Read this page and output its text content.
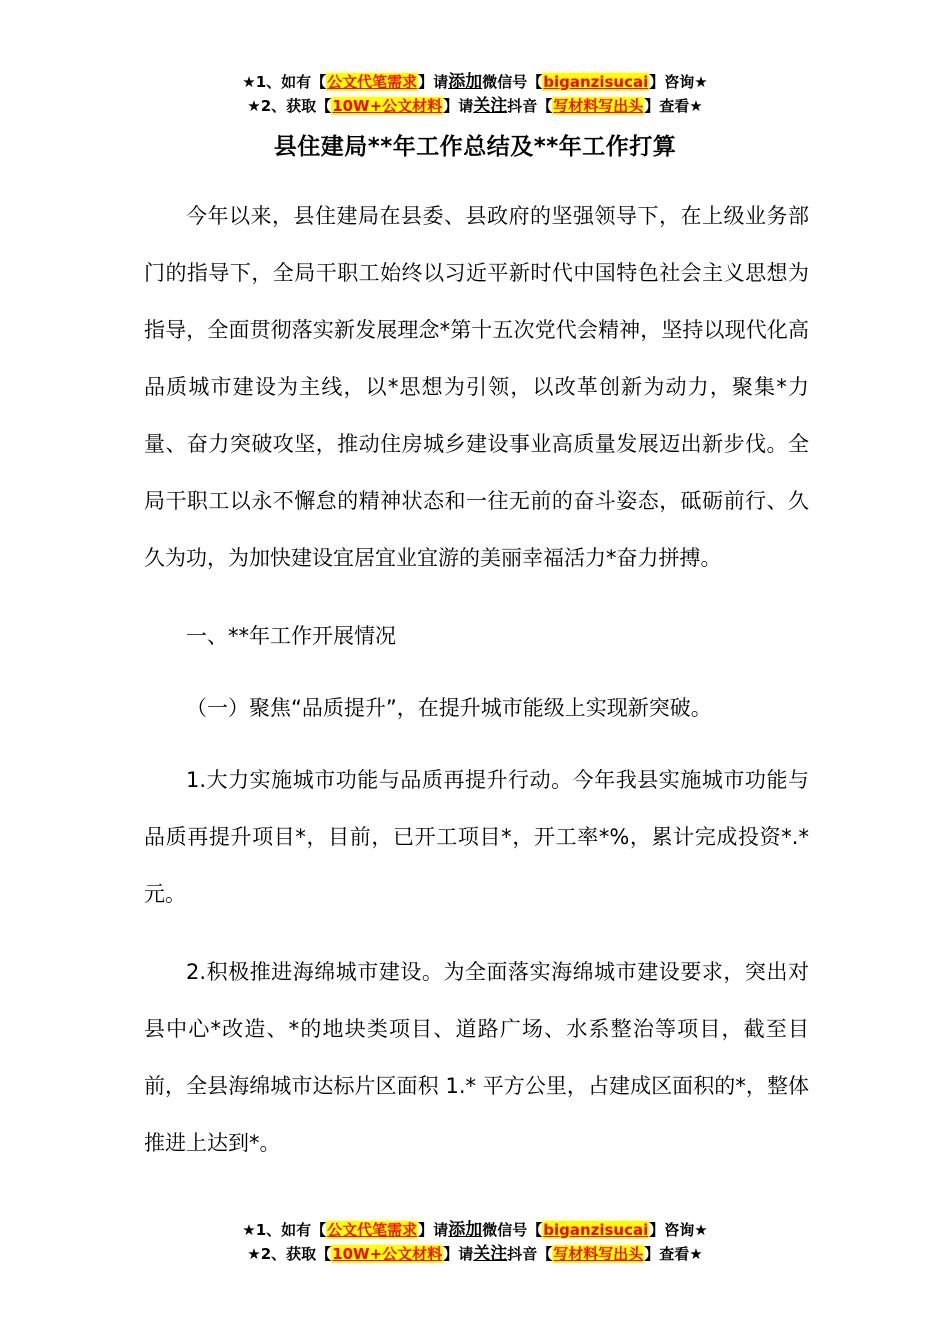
★1、如有【公文代笔需求】请添加微信号【biganzisucai】咨询★
★2、获取【10W+公文材料】请关注抖音【写材料写出头】查看★
县住建局**年工作总结及**年工作打算

今年以来，县住建局在县委、县政府的坚强领导下，在上级业务部门的指导下，全局干职工始终以习近平新时代中国特色社会主义思想为指导，全面贯彻落实新发展理念*第十五次党代会精神，坚持以现代化高品质城市建设为主线，以*思想为引领，以改革创新为动力，聚集*力量、奋力突破攻坚，推动住房城乡建设事业高质量发展迈出新步伐。全局干职工以永不懈怠的精神状态和一往无前的奋斗姿态，砥砺前行、久久为功，为加快建设宜居宜业宜游的美丽幸福活力*奋力拼搏。

一、**年工作开展情况

（一）聚焦“品质提升”，在提升城市能级上实现新突破。

1.大力实施城市功能与品质再提升行动。今年我县实施城市功能与品质再提升项目*，目前，已开工项目*，开工率*%，累计完成投资*.*元。

2.积极推进海绵城市建设。为全面落实海绵城市建设要求，突出对县中心*改造、*的地块类项目、道路广场、水系整治等项目，截至目前，全县海绵城市达标片区面积 1.* 平方公里，占建成区面积的*，整体推进上达到*。

★1、如有【公文代笔需求】请添加微信号【biganzisucai】咨询★
★2、获取【10W+公文材料】请关注抖音【写材料写出头】查看★
